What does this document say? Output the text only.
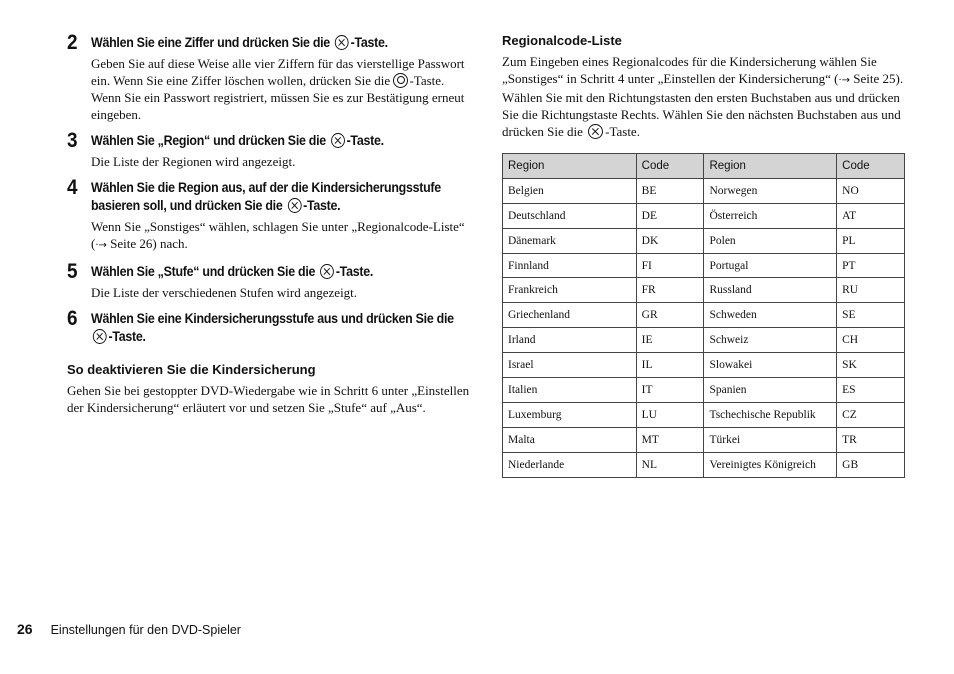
2 Wählen Sie eine Ziffer und drücken Sie die -Taste.
Geben Sie auf diese Weise alle vier Ziffern für das vierstellige Passwort ein. Wenn Sie eine Ziffer löschen wollen, drücken Sie die -Taste. Wenn Sie ein Passwort registriert, müssen Sie es zur Bestätigung erneut eingeben.
3 Wählen Sie „Region“ und drücken Sie die -Taste.
Die Liste der Regionen wird angezeigt.
4 Wählen Sie die Region aus, auf der die Kindersicherungsstufe basieren soll, und drücken Sie die -Taste.
Wenn Sie „Sonstiges“ wählen, schlagen Sie unter „Regionalcode-Liste“ (·→ Seite 26) nach.
5 Wählen Sie „Stufe“ und drücken Sie die -Taste.
Die Liste der verschiedenen Stufen wird angezeigt.
6 Wählen Sie eine Kindersicherungsstufe aus und drücken Sie die -Taste.
So deaktivieren Sie die Kindersicherung
Gehen Sie bei gestoppter DVD-Wiedergabe wie in Schritt 6 unter „Einstellen der Kindersicherung“ erläutert vor und setzen Sie „Stufe“ auf „Aus“.
Regionalcode-Liste
Zum Eingeben eines Regionalcodes für die Kindersicherung wählen Sie „Sonstiges“ in Schritt 4 unter „Einstellen der Kindersicherung“ (·→ Seite 25). Wählen Sie mit den Richtungstasten den ersten Buchstaben aus und drücken Sie die Richtungstaste Rechts. Wählen Sie den nächsten Buchstaben aus und drücken Sie die -Taste.
Region	Code	Region	Code
Belgien	BE	Norwegen	NO
Deutschland	DE	Österreich	AT
Dänemark	DK	Polen	PL
Finnland	FI	Portugal	PT
Frankreich	FR	Russland	RU
Griechenland	GR	Schweden	SE
Irland	IE	Schweiz	CH
Israel	IL	Slowakei	SK
Italien	IT	Spanien	ES
Luxemburg	LU	Tschechische Republik	CZ
Malta	MT	Türkei	TR
Niederlande	NL	Vereinigtes Königreich	GB
26 Einstellungen für den DVD-Spieler
